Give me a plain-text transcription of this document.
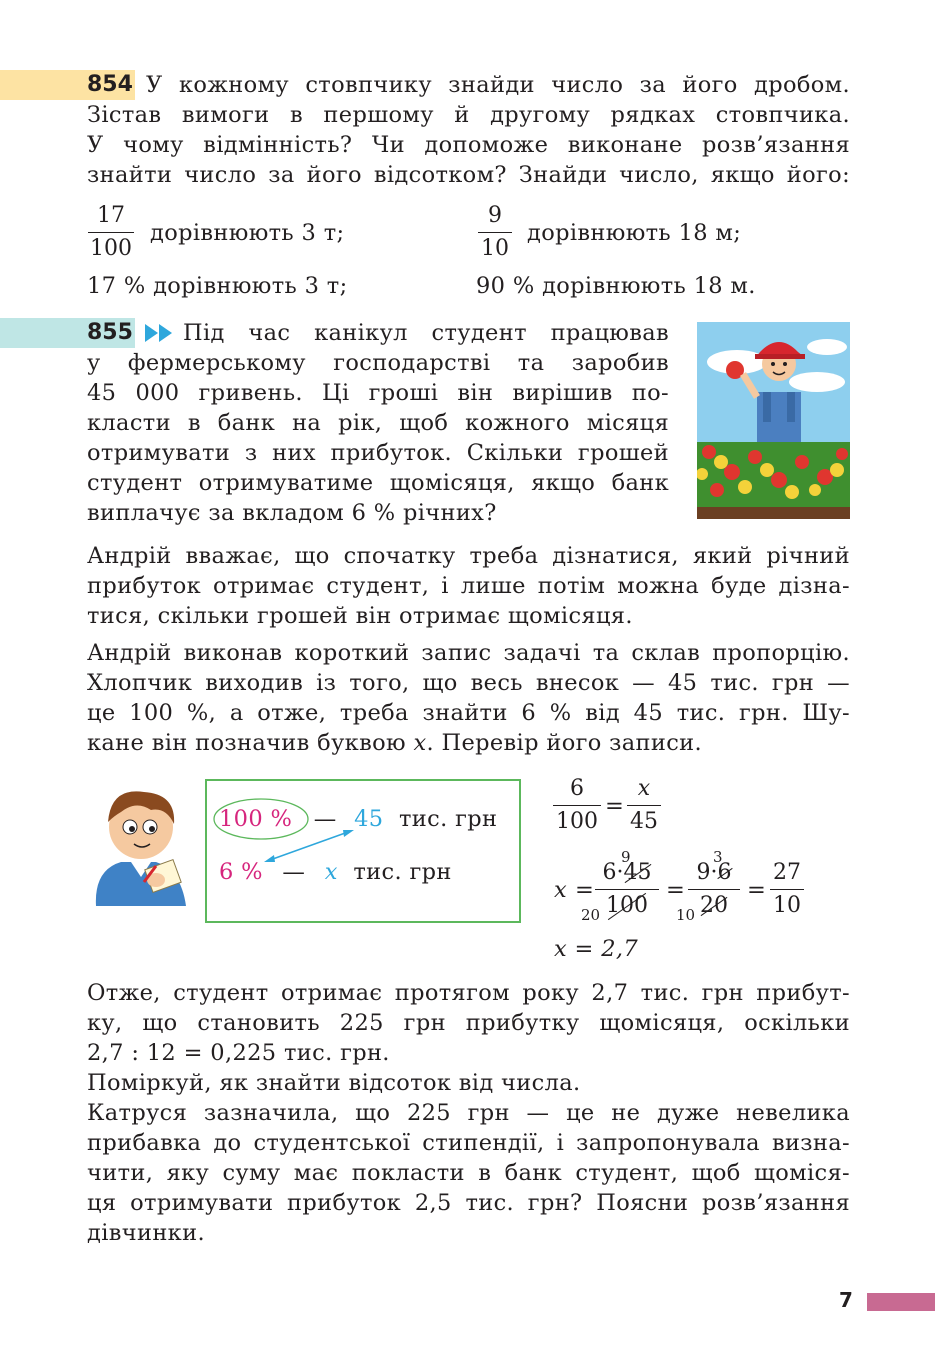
854 У кожному стовпчику знайди число за його дробом.
Зістав вимоги в першому й другому рядках стовпчика.
У чому відмінність? Чи допоможе виконане розв’язання
знайти число за його відсотком? Знайди число, якщо його:
17
100
дорівнюють 3 т;
17 % дорівнюють 3 т;
9
10
дорівнюють 18 м;
90 % дорівнюють 18 м.
855 Під час канікул студент працював
у фермерському господарстві та заробив
45 000 гривень. Ці гроші він вирішив по-
класти в банк на рік, щоб кожного місяця
отримувати з них прибуток. Скільки грошей
студент отримуватиме щомісяця, якщо банк
виплачує за вкладом 6 % річних?
Андрій вважає, що спочатку треба дізнатися, який річний
прибуток отримає студент, і лише потім можна буде дізна-
тися, скільки грошей він отримає щомісяця.
Андрій виконав короткий запис задачі та склав пропорцію.
Хлопчик виходив із того, що весь внесок — 45 тис. грн —
це 100 %, а отже, треба знайти 6 % від 45 тис. грн. Шу-
кане він позначив буквою x. Перевір його записи.
100 % — 45 тис. грн
6 % — x тис. грн
6
100
=
x
45
x =
6·45
100
9
20
=
9·6
20
3
10
=
27
10
x = 2,7
Отже, студент отримає протягом року 2,7 тис. грн прибут-
ку, що становить 225 грн прибутку щомісяця, оскільки
2,7 : 12 = 0,225 тис. грн.
Поміркуй, як знайти відсоток від числа.
Катруся зазначила, що 225 грн — це не дуже невелика
прибавка до студентської стипендії, і запропонувала визна-
чити, яку суму має покласти в банк студент, щоб щоміся-
ця отримувати прибуток 2,5 тис. грн? Поясни розв’язання
дівчинки.
7
